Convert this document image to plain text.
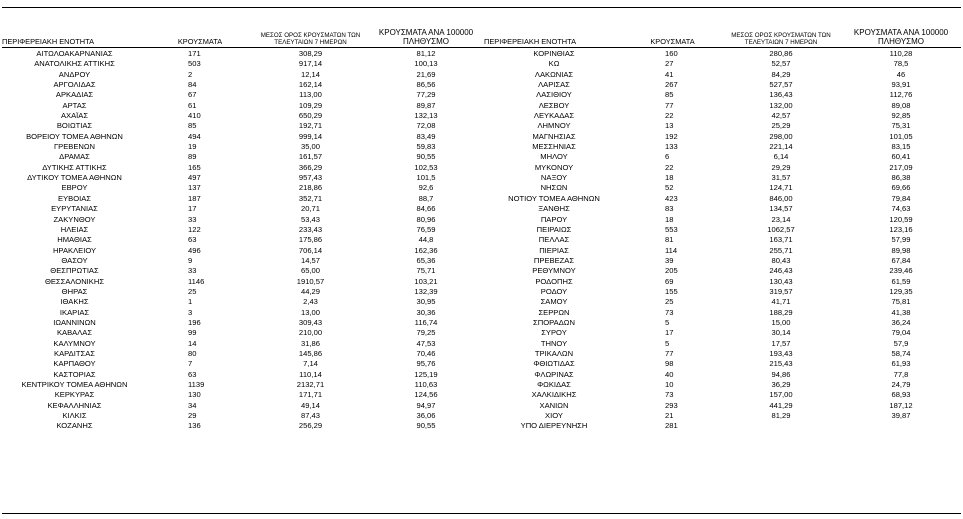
ΠΕΡΙΦΕΡΕΙΑΚΗ ΕΝΟΤΗΤΑ	ΚΡΟΥΣΜΑΤΑ	ΜΕΣΟΣ ΟΡΟΣ ΚΡΟΥΣΜΑΤΩΝ ΤΩΝ ΤΕΛΕΥΤΑΙΩΝ 7 ΗΜΕΡΩΝ	ΚΡΟΥΣΜΑΤΑ ΑΝΑ 100000 ΠΛΗΘΥΣΜΟ	ΠΕΡΙΦΕΡΕΙΑΚΗ ΕΝΟΤΗΤΑ	ΚΡΟΥΣΜΑΤΑ	ΜΕΣΟΣ ΟΡΟΣ ΚΡΟΥΣΜΑΤΩΝ ΤΩΝ ΤΕΛΕΥΤΑΙΩΝ 7 ΗΜΕΡΩΝ	ΚΡΟΥΣΜΑΤΑ ΑΝΑ 100000 ΠΛΗΘΥΣΜΟ
ΑΙΤΩΛΟΑΚΑΡΝΑΝΙΑΣ	171	308,29	81,12	ΚΟΡΙΝΘΙΑΣ	160	280,86	110,28
ΑΝΑΤΟΛΙΚΗΣ ΑΤΤΙΚΗΣ	503	917,14	100,13	ΚΩ	27	52,57	78,5
ΑΝΔΡΟΥ	2	12,14	21,69	ΛΑΚΩΝΙΑΣ	41	84,29	46
ΑΡΓΟΛΙΔΑΣ	84	162,14	86,56	ΛΑΡΙΣΑΣ	267	527,57	93,91
ΑΡΚΑΔΙΑΣ	67	113,00	77,29	ΛΑΣΙΘΙΟΥ	85	136,43	112,76
ΑΡΤΑΣ	61	109,29	89,87	ΛΕΣΒΟΥ	77	132,00	89,08
ΑΧΑΪΑΣ	410	650,29	132,13	ΛΕΥΚΑΔΑΣ	22	42,57	92,85
ΒΟΙΩΤΙΑΣ	85	192,71	72,08	ΛΗΜΝΟΥ	13	25,29	75,31
ΒΟΡΕΙΟΥ ΤΟΜΕΑ ΑΘΗΝΩΝ	494	999,14	83,49	ΜΑΓΝΗΣΙΑΣ	192	298,00	101,05
ΓΡΕΒΕΝΩΝ	19	35,00	59,83	ΜΕΣΣΗΝΙΑΣ	133	221,14	83,15
ΔΡΑΜΑΣ	89	161,57	90,55	ΜΗΛΟΥ	6	6,14	60,41
ΔΥΤΙΚΗΣ ΑΤΤΙΚΗΣ	165	366,29	102,53	ΜΥΚΟΝΟΥ	22	29,29	217,09
ΔΥΤΙΚΟΥ ΤΟΜΕΑ ΑΘΗΝΩΝ	497	957,43	101,5	ΝΑΞΟΥ	18	31,57	86,38
ΕΒΡΟΥ	137	218,86	92,6	ΝΗΣΩΝ	52	124,71	69,66
ΕΥΒΟΙΑΣ	187	352,71	88,7	ΝΟΤΙΟΥ ΤΟΜΕΑ ΑΘΗΝΩΝ	423	846,00	79,84
ΕΥΡΥΤΑΝΙΑΣ	17	20,71	84,66	ΞΑΝΘΗΣ	83	134,57	74,63
ΖΑΚΥΝΘΟΥ	33	53,43	80,96	ΠΑΡΟΥ	18	23,14	120,59
ΗΛΕΙΑΣ	122	233,43	76,59	ΠΕΙΡΑΙΩΣ	553	1062,57	123,16
ΗΜΑΘΙΑΣ	63	175,86	44,8	ΠΕΛΛΑΣ	81	163,71	57,99
ΗΡΑΚΛΕΙΟΥ	496	706,14	162,36	ΠΙΕΡΙΑΣ	114	255,71	89,98
ΘΑΣΟΥ	9	14,57	65,36	ΠΡΕΒΕΖΑΣ	39	80,43	67,84
ΘΕΣΠΡΩΤΙΑΣ	33	65,00	75,71	ΡΕΘΥΜΝΟΥ	205	246,43	239,46
ΘΕΣΣΑΛΟΝΙΚΗΣ	1146	1910,57	103,21	ΡΟΔΟΠΗΣ	69	130,43	61,59
ΘΗΡΑΣ	25	44,29	132,39	ΡΟΔΟΥ	155	319,57	129,35
ΙΘΑΚΗΣ	1	2,43	30,95	ΣΑΜΟΥ	25	41,71	75,81
ΙΚΑΡΙΑΣ	3	13,00	30,36	ΣΕΡΡΩΝ	73	188,29	41,38
ΙΩΑΝΝΙΝΩΝ	196	309,43	116,74	ΣΠΟΡΑΔΩΝ	5	15,00	36,24
ΚΑΒΑΛΑΣ	99	210,00	79,25	ΣΥΡΟΥ	17	30,14	79,04
ΚΑΛΥΜΝΟΥ	14	31,86	47,53	ΤΗΝΟΥ	5	17,57	57,9
ΚΑΡΔΙΤΣΑΣ	80	145,86	70,46	ΤΡΙΚΑΛΩΝ	77	193,43	58,74
ΚΑΡΠΑΘΟΥ	7	7,14	95,76	ΦΘΙΩΤΙΔΑΣ	98	215,43	61,93
ΚΑΣΤΟΡΙΑΣ	63	110,14	125,19	ΦΛΩΡΙΝΑΣ	40	94,86	77,8
ΚΕΝΤΡΙΚΟΥ ΤΟΜΕΑ ΑΘΗΝΩΝ	1139	2132,71	110,63	ΦΩΚΙΔΑΣ	10	36,29	24,79
ΚΕΡΚΥΡΑΣ	130	171,71	124,56	ΧΑΛΚΙΔΙΚΗΣ	73	157,00	68,93
ΚΕΦΑΛΛΗΝΙΑΣ	34	49,14	94,97	ΧΑΝΙΩΝ	293	441,29	187,12
ΚΙΛΚΙΣ	29	87,43	36,06	ΧΙΟΥ	21	81,29	39,87
ΚΟΖΑΝΗΣ	136	256,29	90,55	ΥΠΟ ΔΙΕΡΕΥΝΗΣΗ	281		
